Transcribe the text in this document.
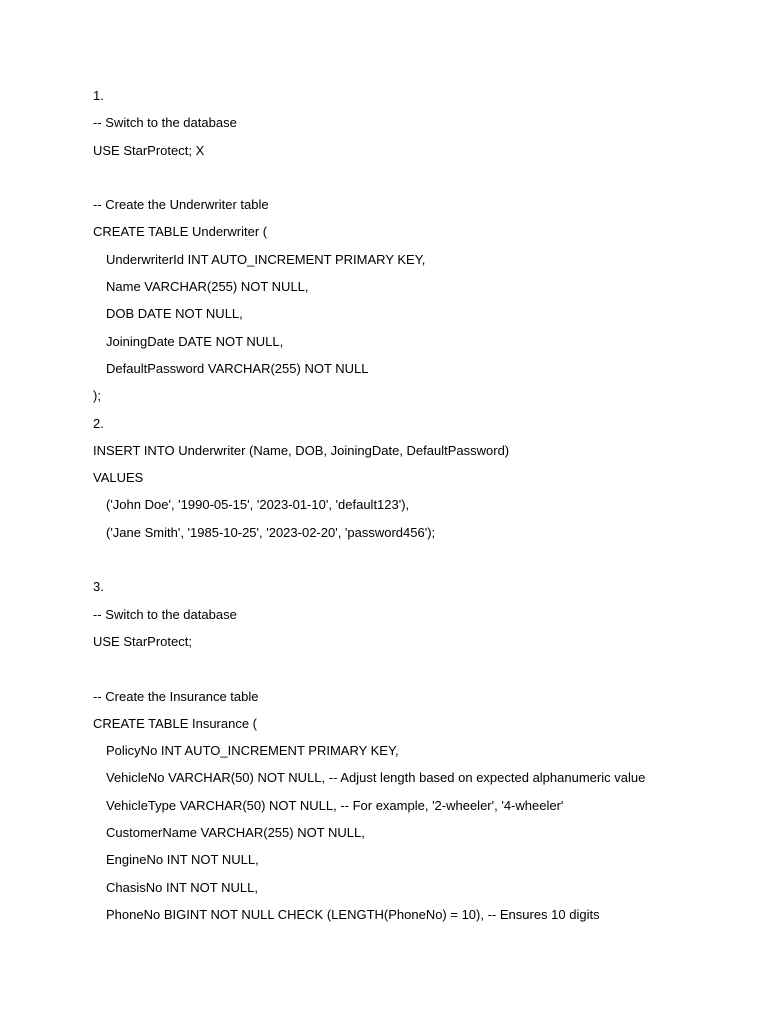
1.
-- Switch to the database
USE StarProtect; X
-- Create the Underwriter table
CREATE TABLE Underwriter (
UnderwriterId INT AUTO_INCREMENT PRIMARY KEY,
Name VARCHAR(255) NOT NULL,
DOB DATE NOT NULL,
JoiningDate DATE NOT NULL,
DefaultPassword VARCHAR(255) NOT NULL
);
2.
INSERT INTO Underwriter (Name, DOB, JoiningDate, DefaultPassword)
VALUES
('John Doe', '1990-05-15', '2023-01-10', 'default123'),
('Jane Smith', '1985-10-25', '2023-02-20', 'password456');
3.
-- Switch to the database
USE StarProtect;
-- Create the Insurance table
CREATE TABLE Insurance (
PolicyNo INT AUTO_INCREMENT PRIMARY KEY,
VehicleNo VARCHAR(50) NOT NULL, -- Adjust length based on expected alphanumeric value
VehicleType VARCHAR(50) NOT NULL, -- For example, '2-wheeler', '4-wheeler'
CustomerName VARCHAR(255) NOT NULL,
EngineNo INT NOT NULL,
ChasisNo INT NOT NULL,
PhoneNo BIGINT NOT NULL CHECK (LENGTH(PhoneNo) = 10), -- Ensures 10 digits
